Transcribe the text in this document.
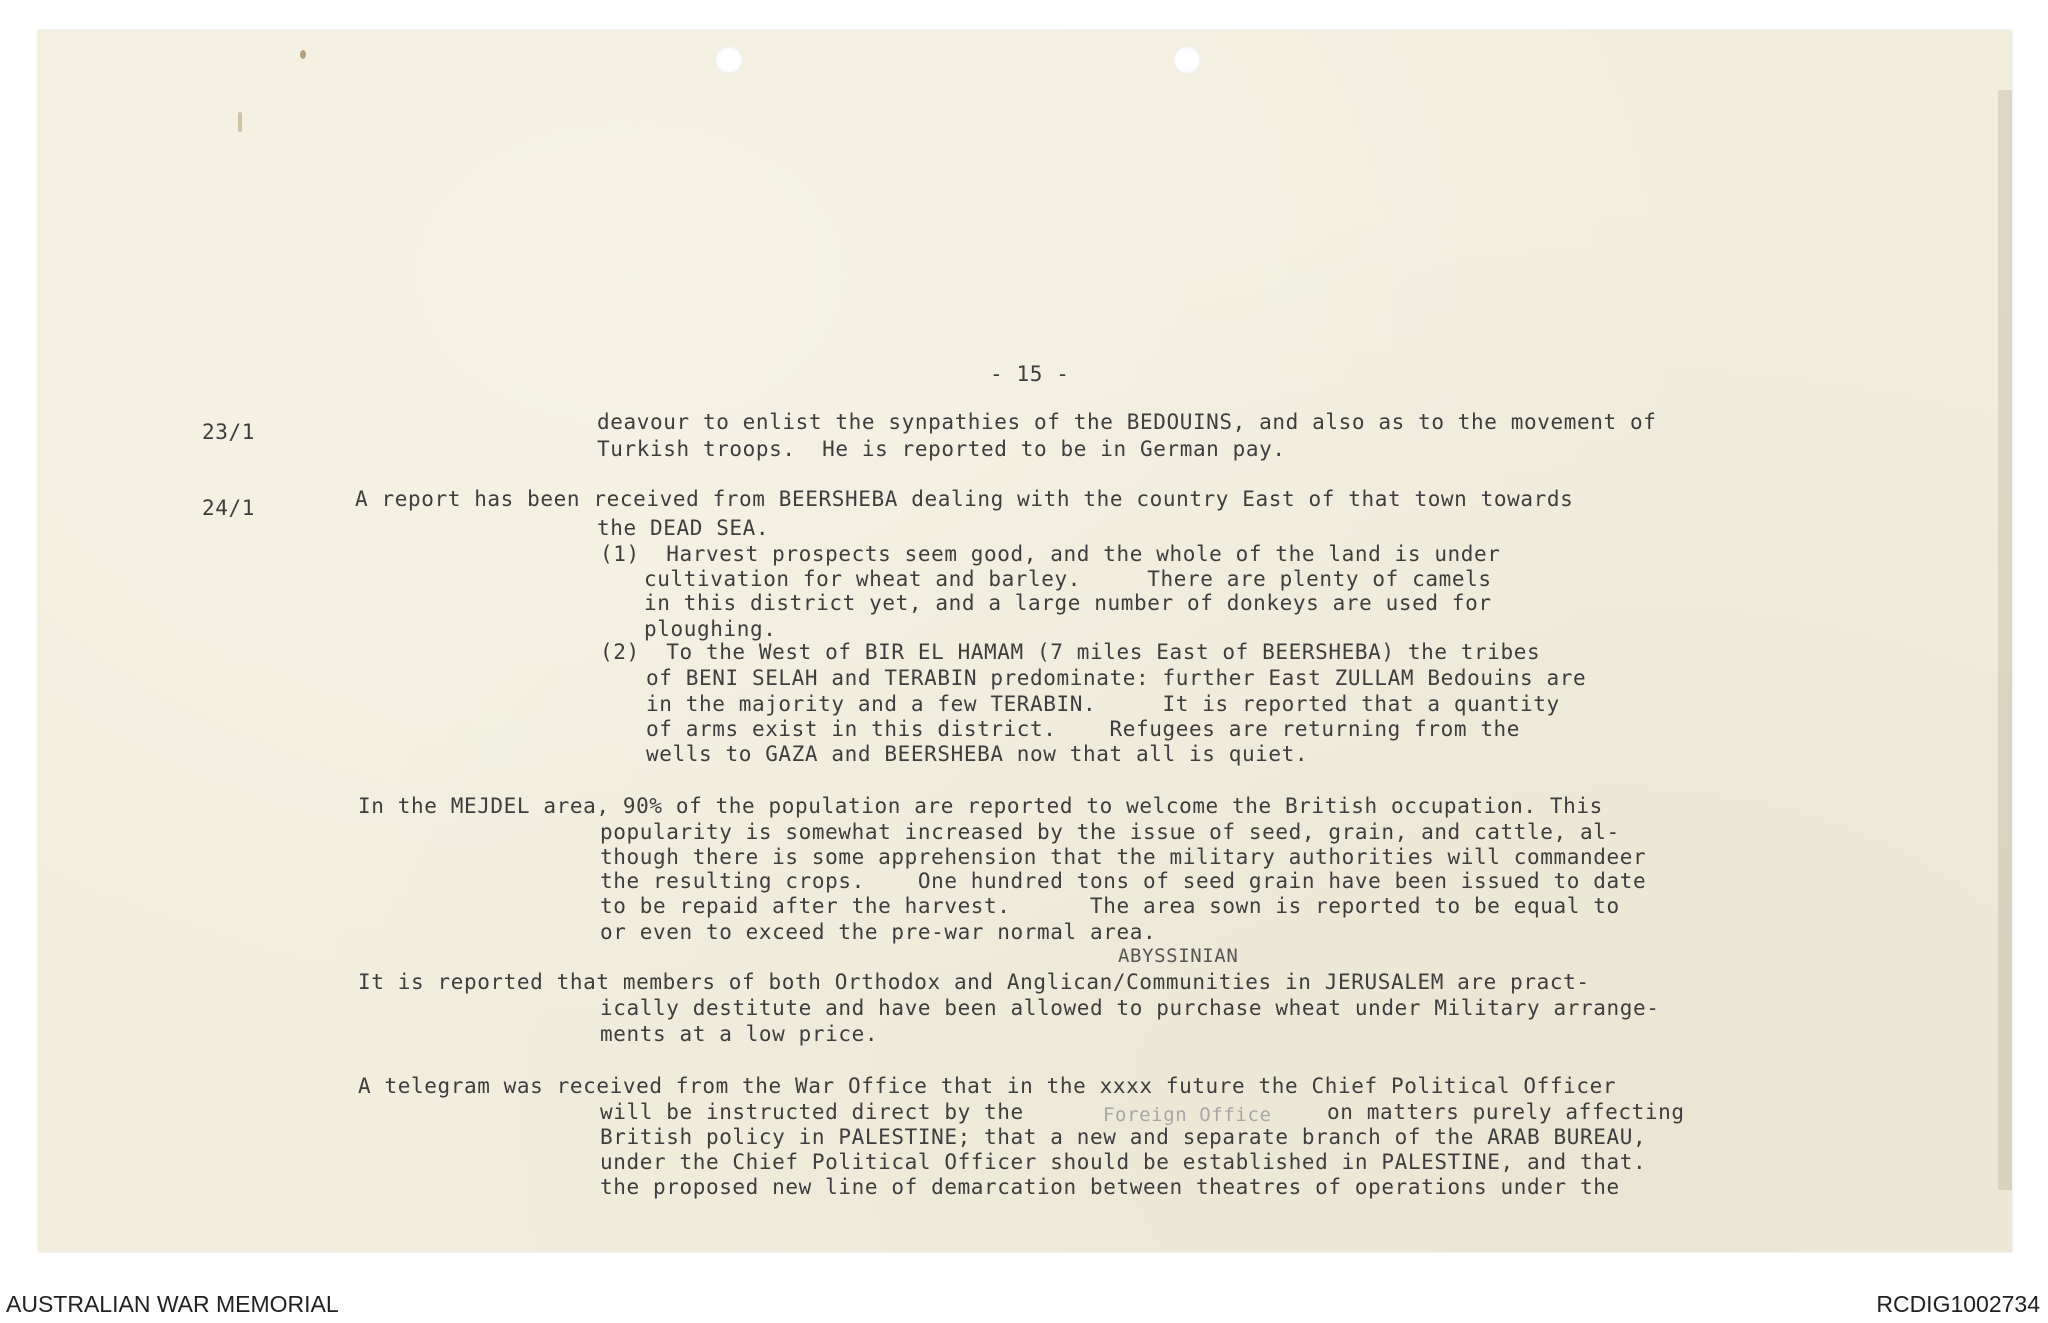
- 15 -
23/1	deavour to enlist the synpathies of the BEDOUINS, and also as to the movement of
Turkish troops.  He is reported to be in German pay.
24/1	A report has been received from BEERSHEBA dealing with the country East of that town towards
the DEAD SEA.
(1)  Harvest prospects seem good, and the whole of the land is under
cultivation for wheat and barley.     There are plenty of camels
in this district yet, and a large number of donkeys are used for
ploughing.
(2)  To the West of BIR EL HAMAM (7 miles East of BEERSHEBA) the tribes
of BENI SELAH and TERABIN predominate: further East ZULLAM Bedouins are
in the majority and a few TERABIN.     It is reported that a quantity
of arms exist in this district.    Refugees are returning from the
wells to GAZA and BEERSHEBA now that all is quiet.
In the MEJDEL area, 90% of the population are reported to welcome the British occupation. This
popularity is somewhat increased by the issue of seed, grain, and cattle, al-
though there is some apprehension that the military authorities will commandeer
the resulting crops.    One hundred tons of seed grain have been issued to date
to be repaid after the harvest.      The area sown is reported to be equal to
or even to exceed the pre-war normal area.
ABYSSINIAN
It is reported that members of both Orthodox and Anglican/Communities in JERUSALEM are pract-
ically destitute and have been allowed to purchase wheat under Military arrange-
ments at a low price.
A telegram was received from the War Office that in the xxxx future the Chief Political Officer
will be instructed direct by the	Foreign Office	on matters purely affecting
British policy in PALESTINE; that a new and separate branch of the ARAB BUREAU,
under the Chief Political Officer should be established in PALESTINE, and that.
the proposed new line of demarcation between theatres of operations under the
AUSTRALIAN WAR MEMORIAL	RCDIG1002734
